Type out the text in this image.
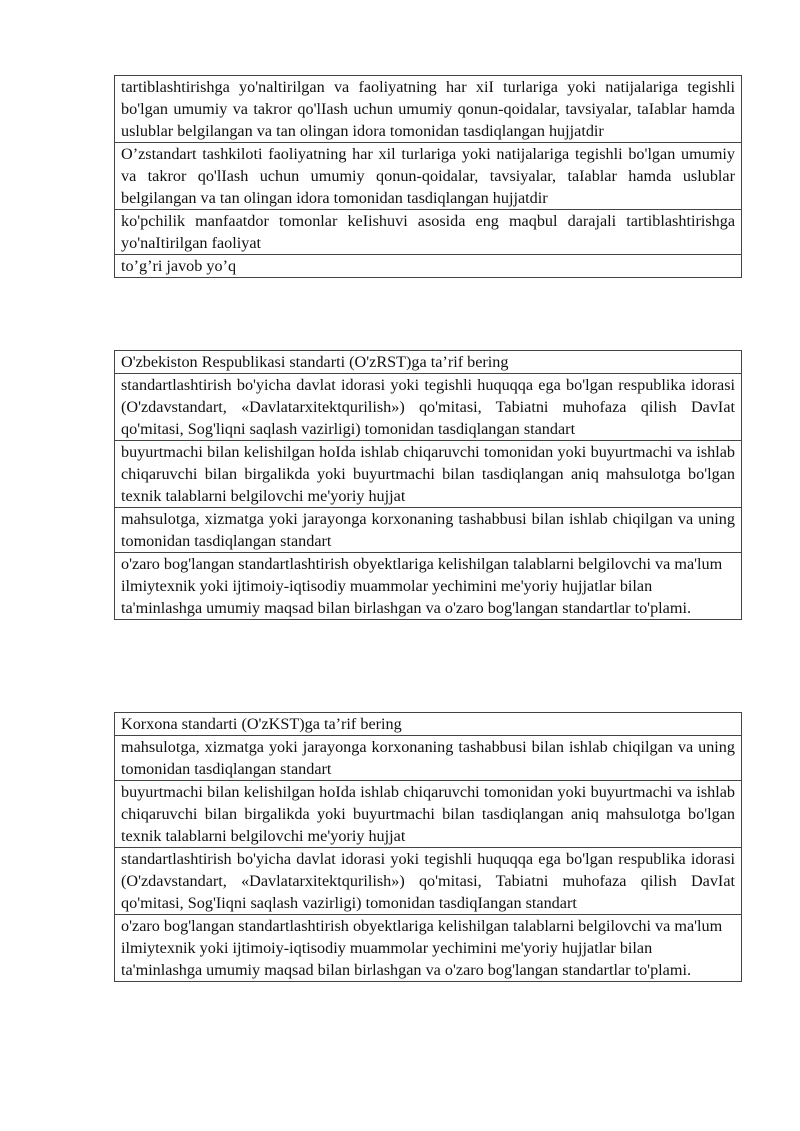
tartiblashtirishga yo'naltirilgan va faoliyatning har xiI turlariga yoki natijalariga tegishli bo'lgan umumiy va takror qo'lIash uchun umumiy qonun-qoidalar, tavsiyalar, taIablar hamda uslublar belgilangan va tan olingan idora tomonidan tasdiqlangan hujjatdir
O’zstandart tashkiloti faoliyatning har xil turlariga yoki natijalariga tegishli bo'lgan umumiy va takror qo'lIash uchun umumiy qonun-qoidalar, tavsiyalar, taIablar hamda uslublar belgilangan va tan olingan idora tomonidan tasdiqlangan hujjatdir
ko'pchilik manfaatdor tomonlar keIishuvi asosida eng maqbul darajali tartiblashtirishga yo'naItirilgan faoliyat
to’g’ri javob yo’q
O'zbekiston Respublikasi standarti (O'zRST)ga ta’rif bering
standartlashtirish bo'yicha davlat idorasi yoki tegishli huquqqa ega bo'lgan respublika idorasi (O'zdavstandart, «Davlatarxitektqurilish») qo'mitasi, Tabiatni muhofaza qilish DavIat qo'mitasi, Sog'liqni saqlash vazirligi) tomonidan tasdiqlangan standart
buyurtmachi bilan kelishilgan hoIda ishlab chiqaruvchi tomonidan yoki buyurtmachi va ishlab chiqaruvchi bilan birgalikda yoki buyurtmachi bilan tasdiqlangan aniq mahsulotga bo'lgan texnik talablarni belgilovchi me'yoriy hujjat
mahsulotga, xizmatga yoki jarayonga korxonaning tashabbusi bilan ishlab chiqilgan va uning tomonidan tasdiqlangan standart
o'zaro bog'langan standartlashtirish obyektlariga kelishilgan talablarni belgilovchi va ma'lum ilmiytexnik yoki ijtimoiy-iqtisodiy muammolar yechimini me'yoriy hujjatlar bilan ta'minlashga umumiy maqsad bilan birlashgan va o'zaro bog'langan standartlar to'plami.
Korxona standarti (O'zKST)ga ta’rif bering
mahsulotga, xizmatga yoki jarayonga korxonaning tashabbusi bilan ishlab chiqilgan va uning tomonidan tasdiqlangan standart
buyurtmachi bilan kelishilgan hoIda ishlab chiqaruvchi tomonidan yoki buyurtmachi va ishlab chiqaruvchi bilan birgalikda yoki buyurtmachi bilan tasdiqlangan aniq mahsulotga bo'lgan texnik talablarni belgilovchi me'yoriy hujjat
standartlashtirish bo'yicha davlat idorasi yoki tegishli huquqqa ega bo'lgan respublika idorasi (O'zdavstandart, «Davlatarxitektqurilish») qo'mitasi, Tabiatni muhofaza qilish DavIat qo'mitasi, Sog'Iiqni saqlash vazirligi) tomonidan tasdiqIangan standart
o'zaro bog'langan standartlashtirish obyektlariga kelishilgan talablarni belgilovchi va ma'lum ilmiytexnik yoki ijtimoiy-iqtisodiy muammolar yechimini me'yoriy hujjatlar bilan ta'minlashga umumiy maqsad bilan birlashgan va o'zaro bog'langan standartlar to'plami.
